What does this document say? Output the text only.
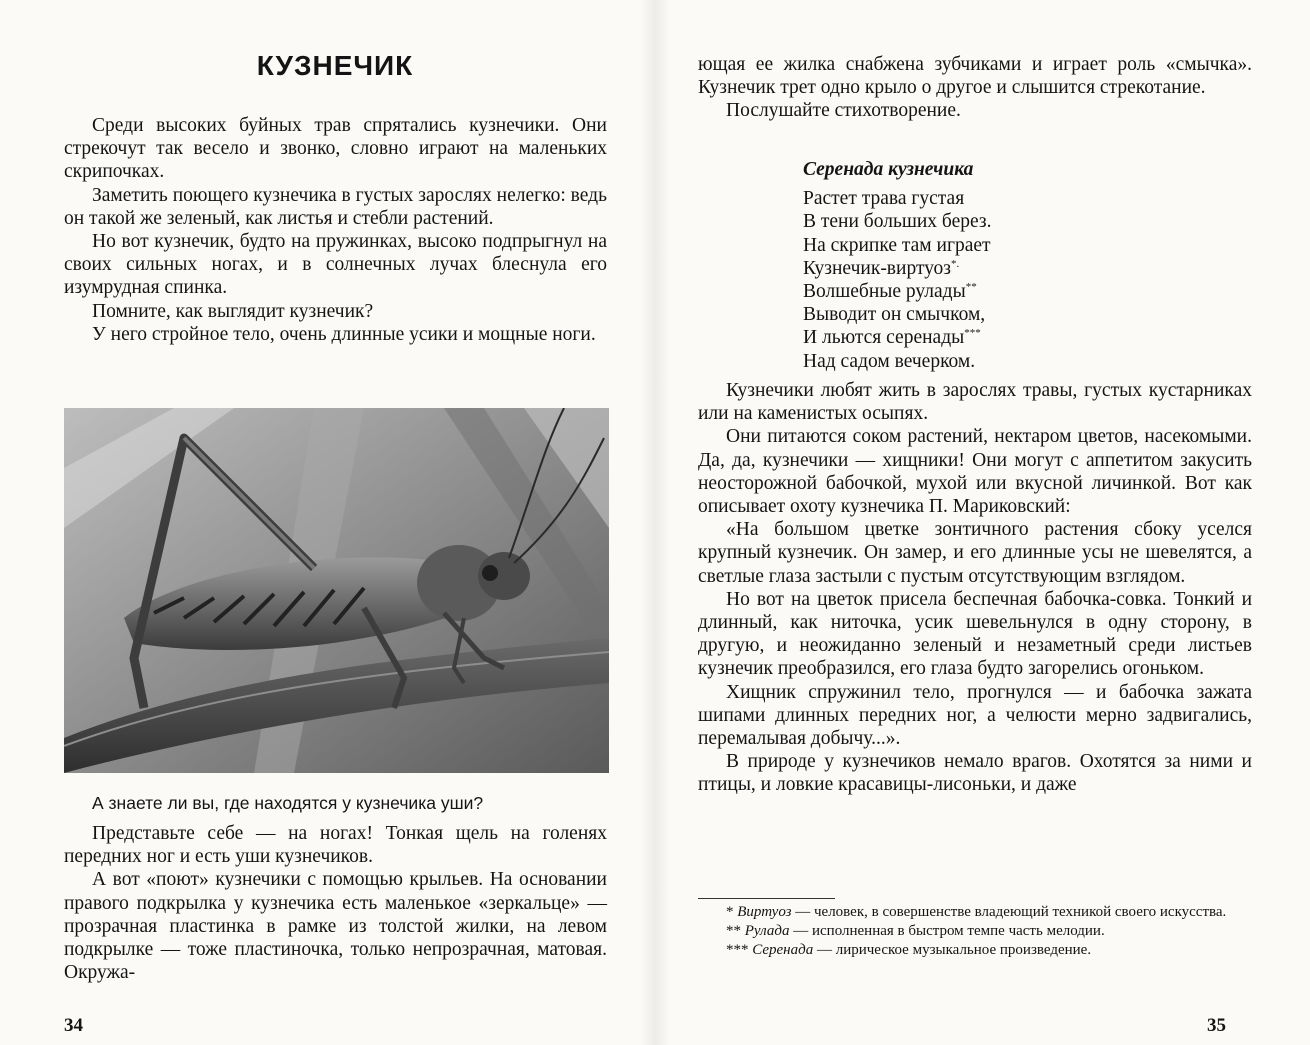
КУЗНЕЧИК

Среди высоких буйных трав спрятались кузнечики. Они стрекочут так весело и звонко, словно играют на маленьких скрипочках.

Заметить поющего кузнечика в густых зарослях нелегко: ведь он такой же зеленый, как листья и стебли растений.

Но вот кузнечик, будто на пружинках, высоко подпрыгнул на своих сильных ногах, и в солнечных лучах блеснула его изумрудная спинка.

Помните, как выглядит кузнечик?

У него стройное тело, очень длинные усики и мощные ноги.

А знаете ли вы, где находятся у кузнечика уши?

Представьте себе — на ногах! Тонкая щель на голенях передних ног и есть уши кузнечиков.

А вот «поют» кузнечики с помощью крыльев. На основании правого подкрылка у кузнечика есть маленькое «зеркальце» — прозрачная пластинка в рамке из толстой жилки, на левом подкрылке — тоже пластиночка, только непрозрачная, матовая. Окружа-

34

ющая ее жилка снабжена зубчиками и играет роль «смычка». Кузнечик трет одно крыло о другое и слышится стрекотание.

Послушайте стихотворение.

Серенада кузнечика

Растет трава густая

В тени больших берез.

На скрипке там играет

Кузнечик-виртуоз*.

Волшебные рулады**

Выводит он смычком,

И льются серенады***

Над садом вечерком.

Кузнечики любят жить в зарослях травы, густых кустарниках или на каменистых осыпях.

Они питаются соком растений, нектаром цветов, насекомыми. Да, да, кузнечики — хищники! Они могут с аппетитом закусить неосторожной бабочкой, мухой или вкусной личинкой. Вот как описывает охоту кузнечика П. Мариковский:

«На большом цветке зонтичного растения сбоку уселся крупный кузнечик. Он замер, и его длинные усы не шевелятся, а светлые глаза застыли с пустым отсутствующим взглядом.

Но вот на цветок присела беспечная бабочка-совка. Тонкий и длинный, как ниточка, усик шевельнулся в одну сторону, в другую, и неожиданно зеленый и незаметный среди листьев кузнечик преобразился, его глаза будто загорелись огоньком.

Хищник спружинил тело, прогнулся — и бабочка зажата шипами длинных передних ног, а челюсти мерно задвигались, перемалывая добычу...».

В природе у кузнечиков немало врагов. Охотятся за ними и птицы, и ловкие красавицы-лисоньки, и даже

* Виртуоз — человек, в совершенстве владеющий техникой своего искусства.

** Рулада — исполненная в быстром темпе часть мелодии.

*** Серенада — лирическое музыкальное произведение.

35
